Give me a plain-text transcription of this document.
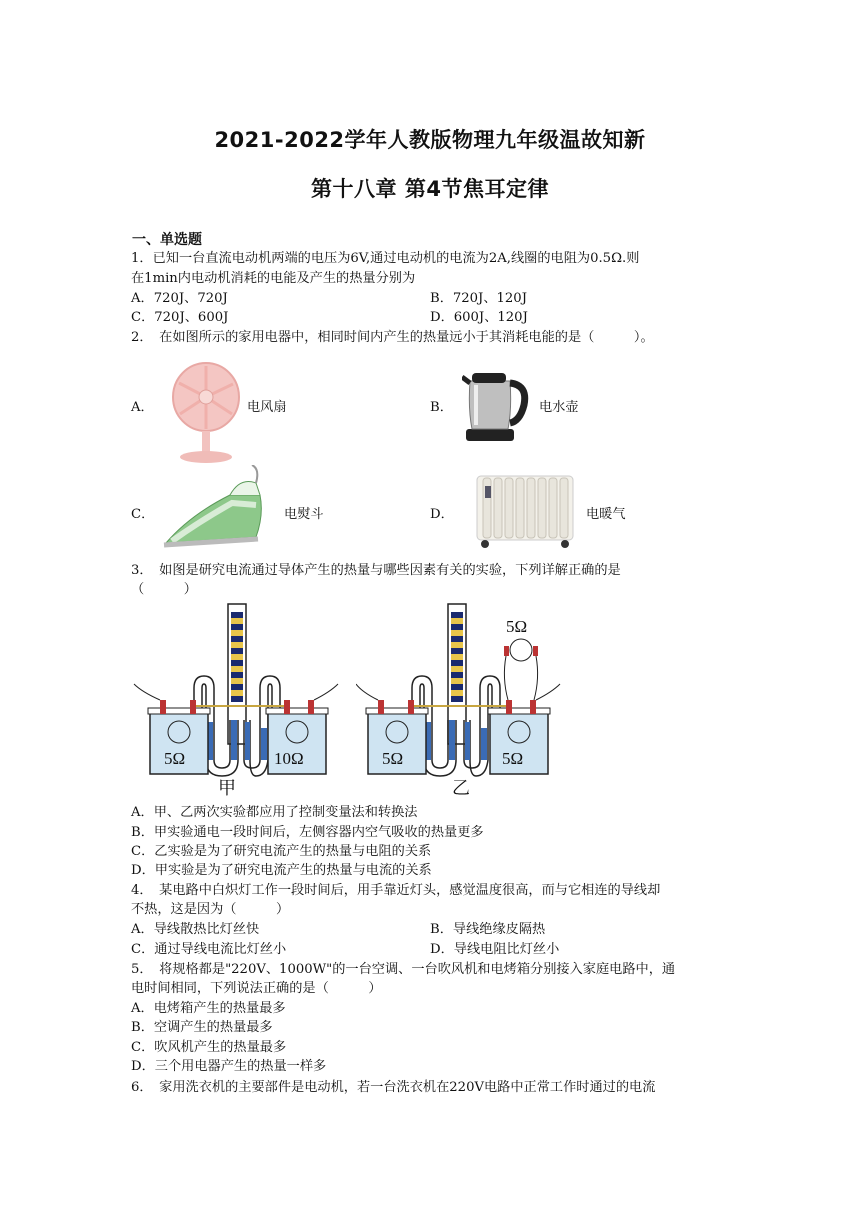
2021-2022学年人教版物理九年级温故知新
第十八章 第4节焦耳定律
一、单选题
1．已知一台直流电动机两端的电压为6V,通过电动机的电流为2A,线圈的电阻为0.5Ω.则
在1min内电动机消耗的电能及产生的热量分别为
A．720J、720J	B．720J、120J
C．720J、600J	D．600J、120J
2．　在如图所示的家用电器中，相同时间内产生的热量远小于其消耗电能的是（　　　）。
A．	电风扇	B．	电水壶
C．	电熨斗	D．	电暖气
3．　如图是研究电流通过导体产生的热量与哪些因素有关的实验，下列详解正确的是
（　　　）
5Ω	10Ω
甲
5Ω	5Ω
5Ω
乙
A．甲、乙两次实验都应用了控制变量法和转换法
B．甲实验通电一段时间后，左侧容器内空气吸收的热量更多
C．乙实验是为了研究电流产生的热量与电阻的关系
D．甲实验是为了研究电流产生的热量与电流的关系
4．　某电路中白炽灯工作一段时间后，用手靠近灯头，感觉温度很高，而与它相连的导线却
不热，这是因为（　　　）
A．导线散热比灯丝快	B．导线绝缘皮隔热
C．通过导线电流比灯丝小	D．导线电阻比灯丝小
5．　将规格都是"220V、1000W"的一台空调、一台吹风机和电烤箱分别接入家庭电路中，通
电时间相同，下列说法正确的是（　　　）
A．电烤箱产生的热量最多
B．空调产生的热量最多
C．吹风机产生的热量最多
D．三个用电器产生的热量一样多
6．　家用洗衣机的主要部件是电动机，若一台洗衣机在220V电路中正常工作时通过的电流
